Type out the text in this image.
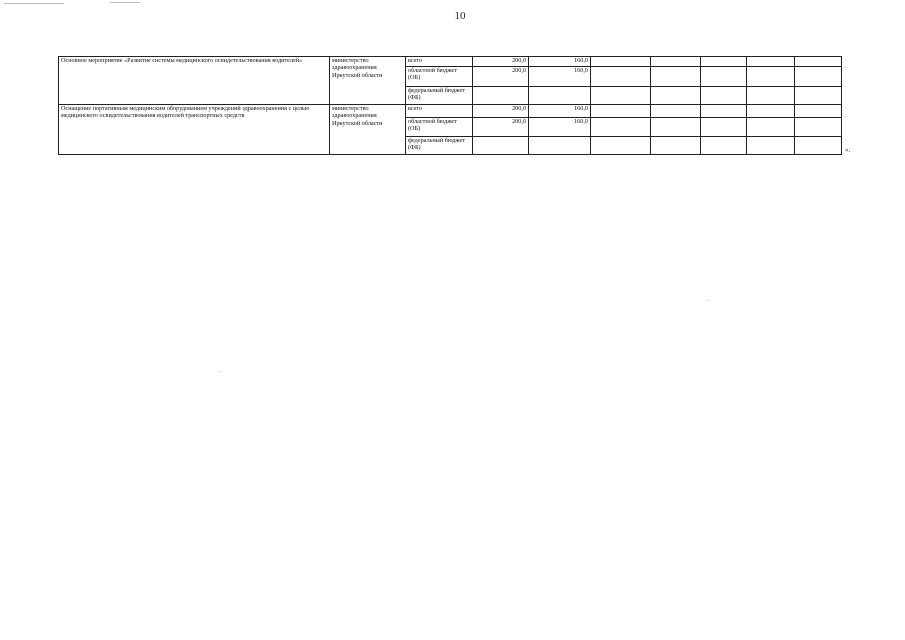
10
Основное мероприятие «Развитие системы медицинского освидетельствования водителей»	министерство здравоохранения Иркутской области	всего	200,0	160,0					
		областной бюджет (ОБ)	200,0	160,0					
		федеральный бюджет (ФБ)							
Оснащение портативным медицинским оборудованием учреждений здравоохранения с целью медицинского освидетельствования водителей транспортных средств	министерство здравоохранения Иркутской области	всего	200,0	160,0					
		областной бюджет (ОБ)	200,0	160,0					
		федеральный бюджет (ФБ)								».
